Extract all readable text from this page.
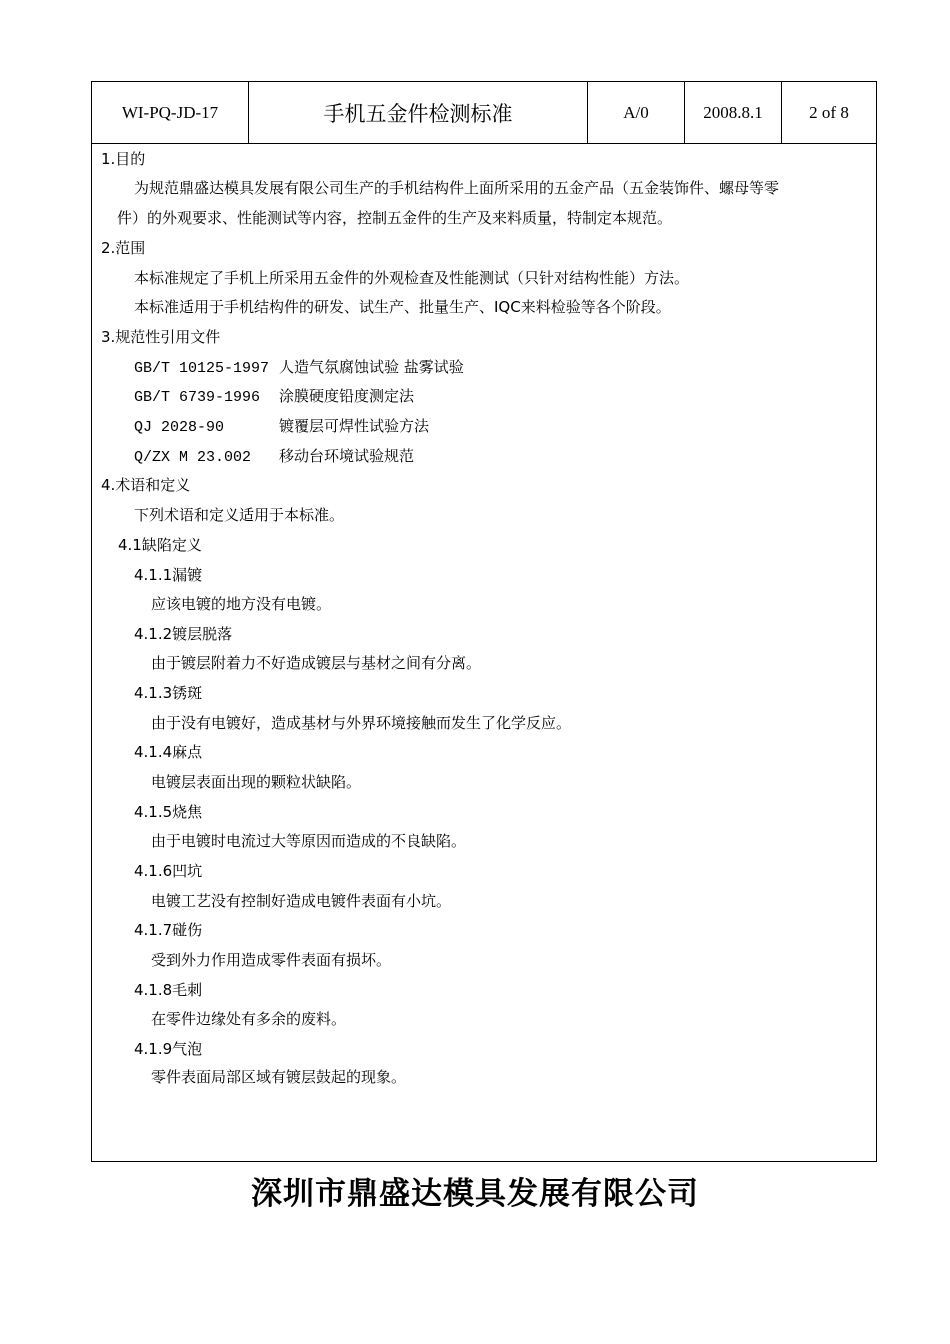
WI-PQ-JD-17	手机五金件检测标准	A/0	2008.8.1	2 of 8
1.目的
为规范鼎盛达模具发展有限公司生产的手机结构件上面所采用的五金产品（五金装饰件、螺母等零
件）的外观要求、性能测试等内容，控制五金件的生产及来料质量，特制定本规范。
2.范围
本标准规定了手机上所采用五金件的外观检查及性能测试（只针对结构性能）方法。
本标准适用于手机结构件的研发、试生产、批量生产、IQC来料检验等各个阶段。
3.规范性引用文件
GB/T 10125-1997 人造气氛腐蚀试验 盐雾试验
GB/T 6739-1996 涂膜硬度铅度测定法
QJ 2028-90	镀覆层可焊性试验方法
Q/ZX M 23.002 移动台环境试验规范
4.术语和定义
下列术语和定义适用于本标准。
4.1缺陷定义
4.1.1漏镀
应该电镀的地方没有电镀。
4.1.2镀层脱落
由于镀层附着力不好造成镀层与基材之间有分离。
4.1.3锈斑
由于没有电镀好，造成基材与外界环境接触而发生了化学反应。
4.1.4麻点
电镀层表面出现的颗粒状缺陷。
4.1.5烧焦
由于电镀时电流过大等原因而造成的不良缺陷。
4.1.6凹坑
电镀工艺没有控制好造成电镀件表面有小坑。
4.1.7碰伤
受到外力作用造成零件表面有损坏。
4.1.8毛刺
在零件边缘处有多余的废料。
4.1.9气泡
零件表面局部区域有镀层鼓起的现象。
深圳市鼎盛达模具发展有限公司
